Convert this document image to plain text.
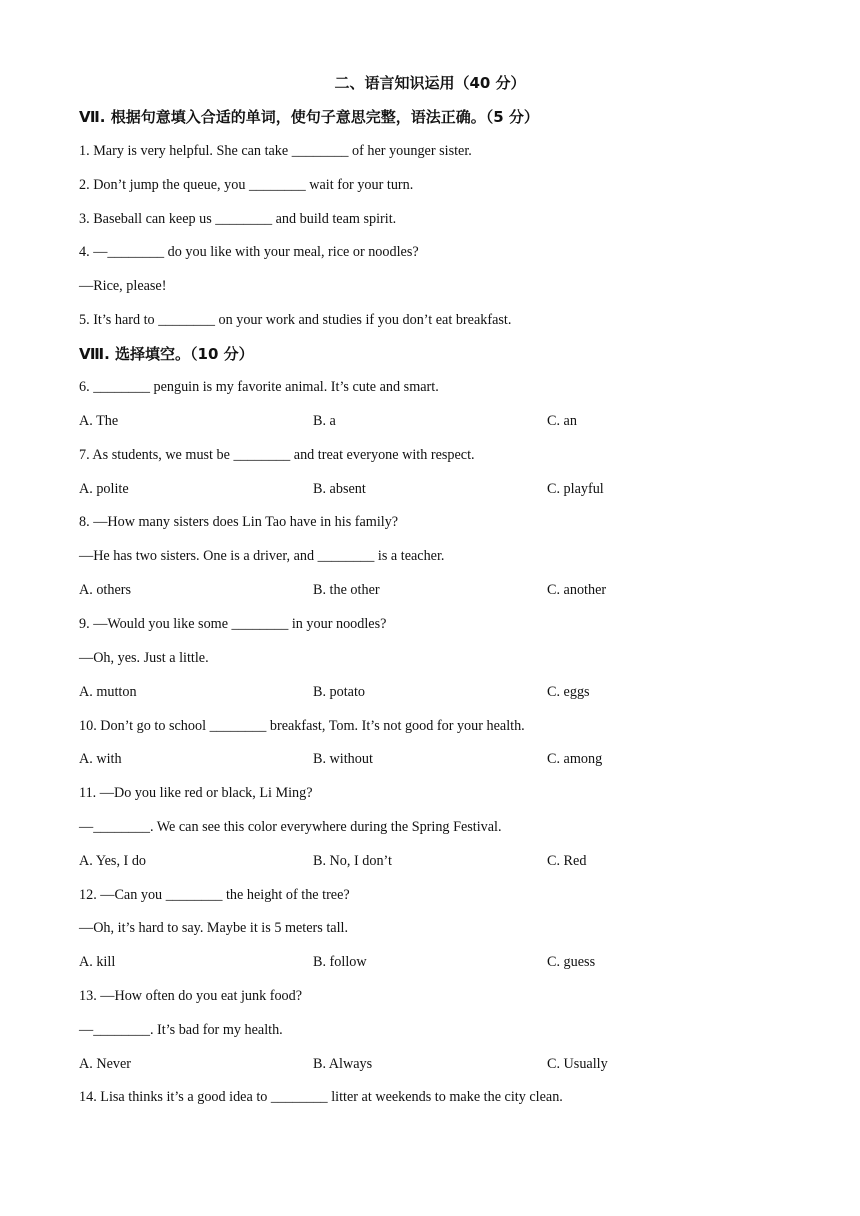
二、语言知识运用（40 分）
Ⅶ. 根据句意填入合适的单词，使句子意思完整，语法正确。（5 分）
1. Mary is very helpful. She can take ________ of her younger sister.
2. Don’t jump the queue, you ________ wait for your turn.
3. Baseball can keep us ________ and build team spirit.
4. —________ do you like with your meal, rice or noodles?
—Rice, please!
5. It’s hard to ________ on your work and studies if you don’t eat breakfast.
Ⅷ. 选择填空。（10 分）
6. ________ penguin is my favorite animal. It’s cute and smart.
A. The	B. a	C. an
7. As students, we must be ________ and treat everyone with respect.
A. polite	B. absent	C. playful
8. —How many sisters does Lin Tao have in his family?
—He has two sisters. One is a driver, and ________ is a teacher.
A. others	B. the other	C. another
9. —Would you like some ________ in your noodles?
—Oh, yes. Just a little.
A. mutton	B. potato	C. eggs
10. Don’t go to school ________ breakfast, Tom. It’s not good for your health.
A. with	B. without	C. among
11. —Do you like red or black, Li Ming?
—________. We can see this color everywhere during the Spring Festival.
A. Yes, I do	B. No, I don’t	C. Red
12. —Can you ________ the height of the tree?
—Oh, it’s hard to say. Maybe it is 5 meters tall.
A. kill	B. follow	C. guess
13. —How often do you eat junk food?
—________. It’s bad for my health.
A. Never	B. Always	C. Usually
14. Lisa thinks it’s a good idea to ________ litter at weekends to make the city clean.
